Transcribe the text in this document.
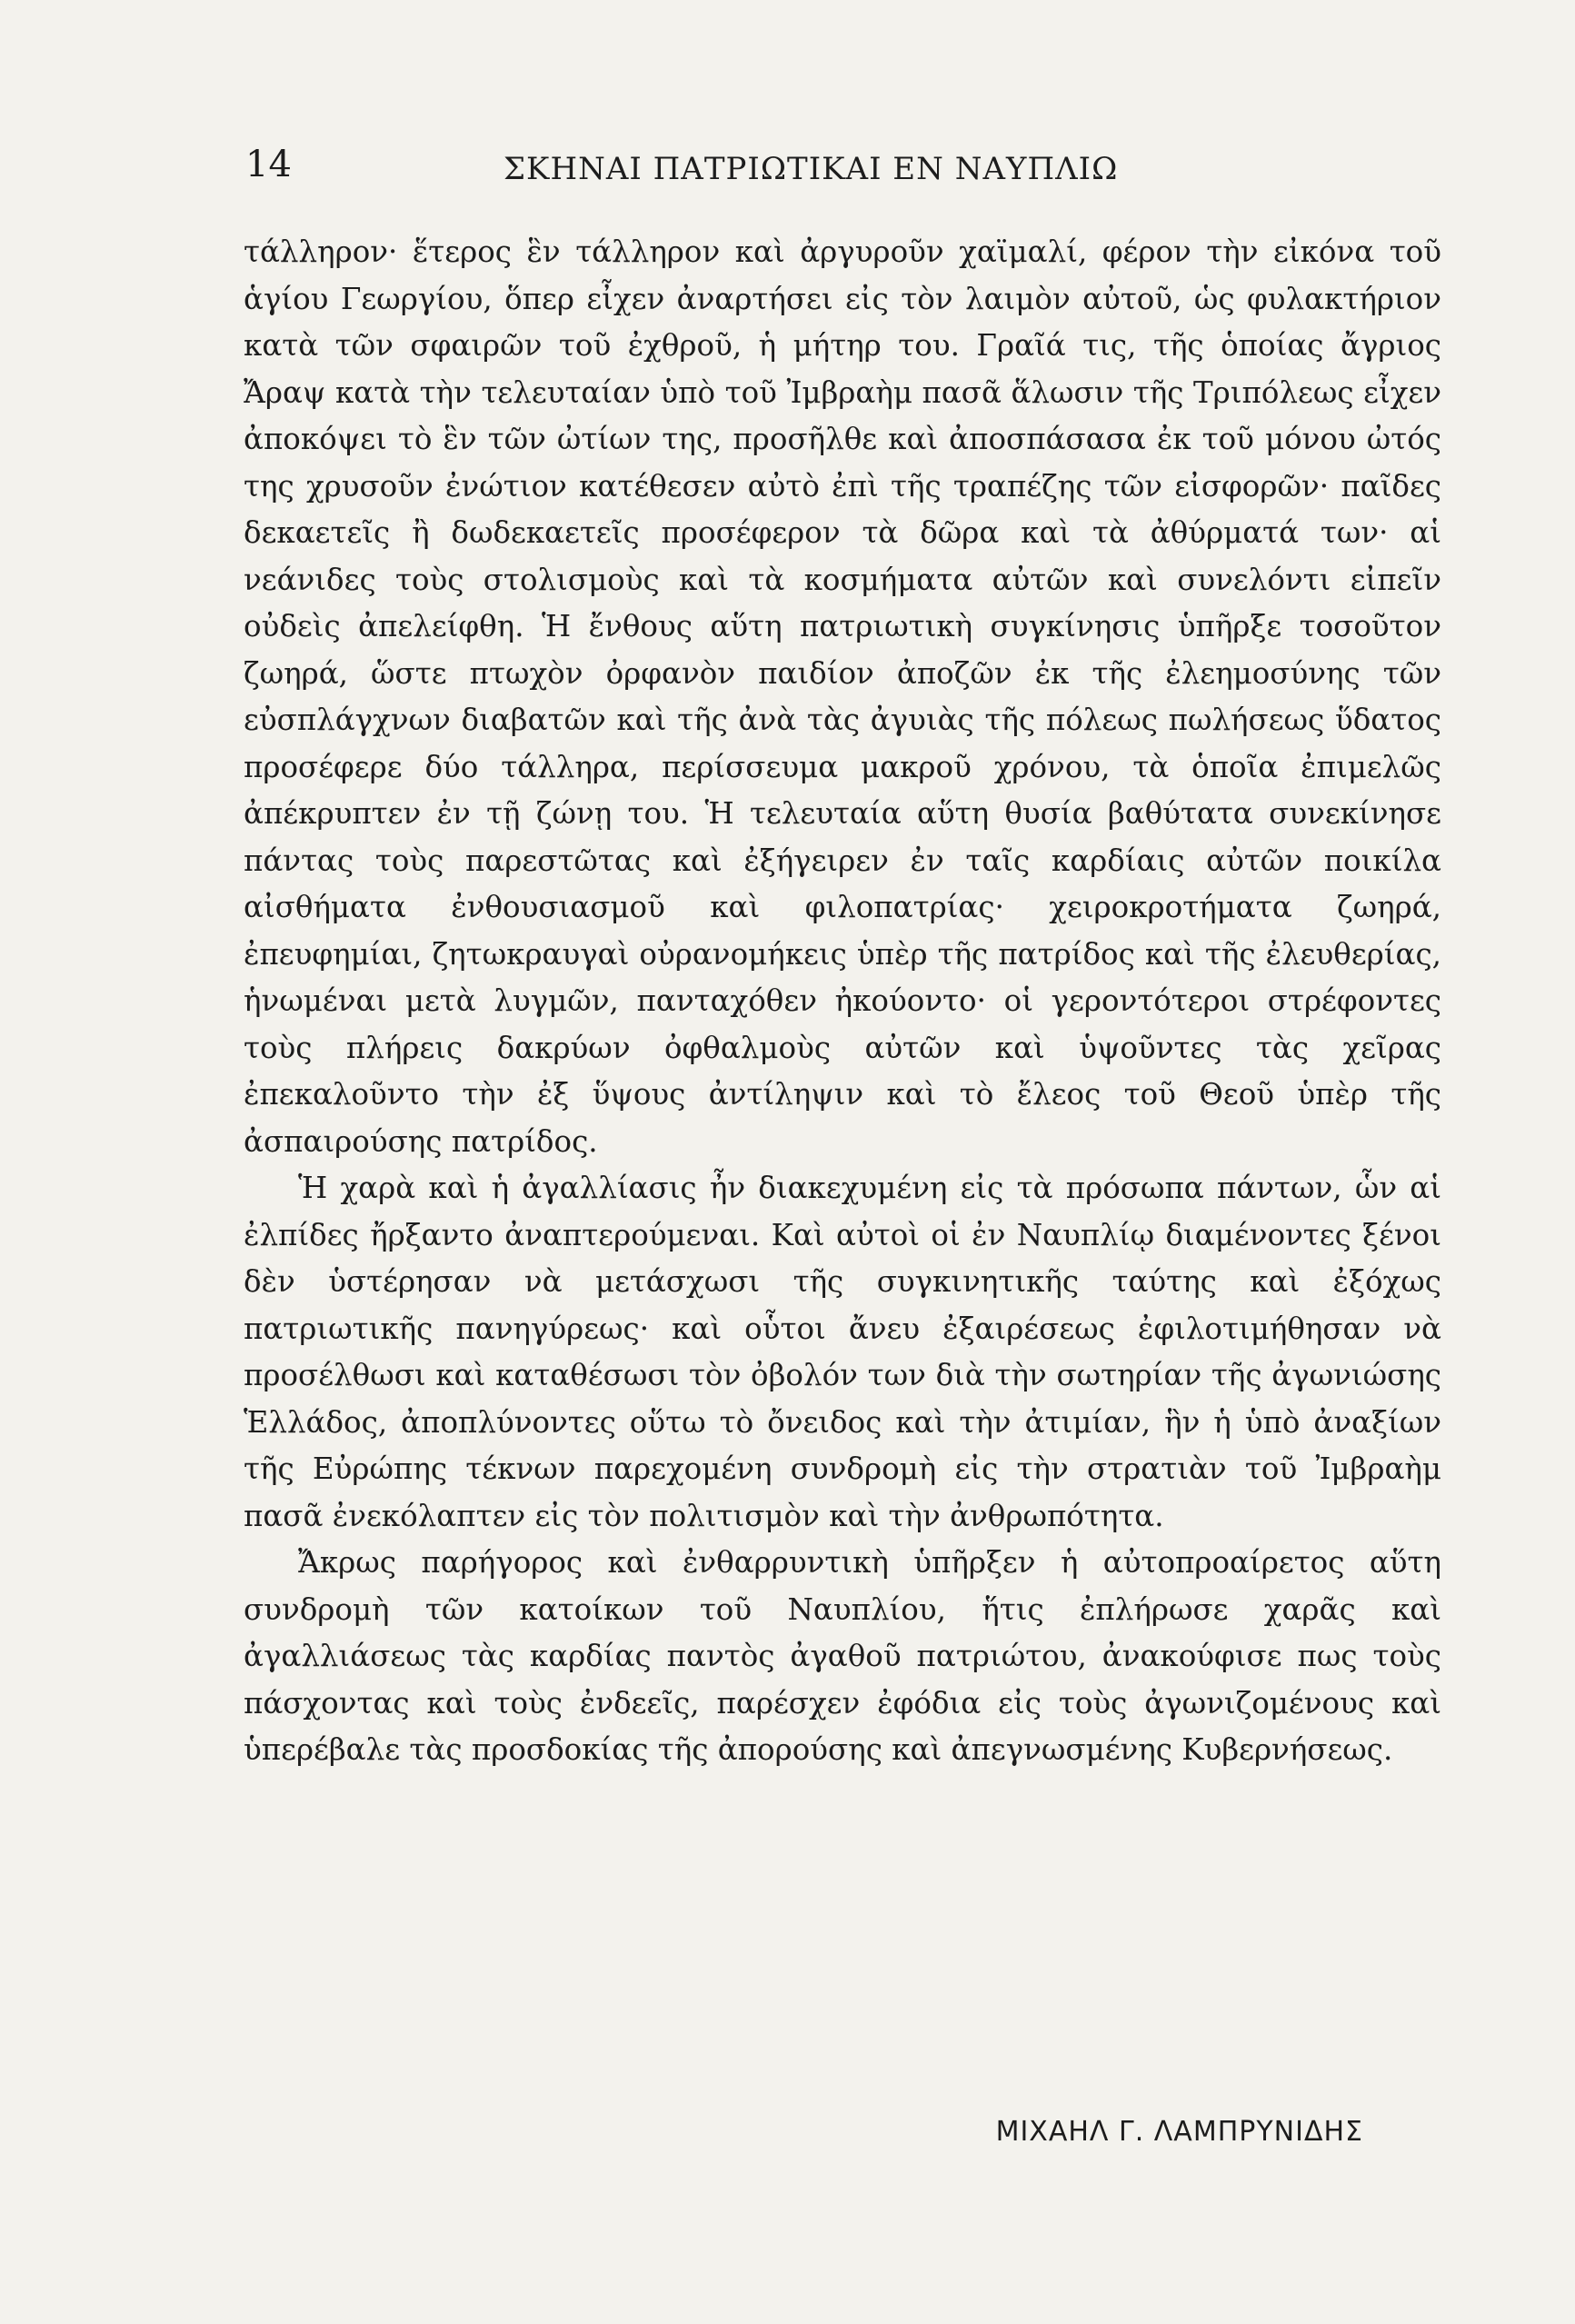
14	ΣΚΗΝΑΙ ΠΑΤΡΙΩΤΙΚΑΙ ΕΝ ΝΑΥΠΛΙΩ

τάλληρον· ἕτερος ἓν τάλληρον καὶ ἀργυροῦν χαϊμαλί, φέρον τὴν εἰκόνα τοῦ ἁγίου Γεωργίου, ὅπερ εἶχεν ἀναρτήσει εἰς τὸν λαιμὸν αὐτοῦ, ὡς φυλακτήριον κατὰ τῶν σφαιρῶν τοῦ ἐχθροῦ, ἡ μήτηρ του. Γραῖά τις, τῆς ὁποίας ἄγριος Ἄραψ κατὰ τὴν τελευταίαν ὑπὸ τοῦ Ἰμβραὴμ πασᾶ ἅλωσιν τῆς Τριπόλεως εἶχεν ἀποκόψει τὸ ἓν τῶν ὠτίων της, προσῆλθε καὶ ἀποσπάσασα ἐκ τοῦ μόνου ὠτός της χρυσοῦν ἐνώτιον κατέθεσεν αὐτὸ ἐπὶ τῆς τραπέζης τῶν εἰσφορῶν· παῖδες δεκαετεῖς ἢ δωδεκαετεῖς προσέφερον τὰ δῶρα καὶ τὰ ἀθύρματά των· αἱ νεάνιδες τοὺς στολισμοὺς καὶ τὰ κοσμήματα αὐτῶν καὶ συνελόντι εἰπεῖν οὐδεὶς ἀπελείφθη. Ἡ ἔνθους αὕτη πατριωτικὴ συγκίνησις ὑπῆρξε τοσοῦτον ζωηρά, ὥστε πτωχὸν ὀρφανὸν παιδίον ἀποζῶν ἐκ τῆς ἐλεημοσύνης τῶν εὐσπλάγχνων διαβατῶν καὶ τῆς ἀνὰ τὰς ἀγυιὰς τῆς πόλεως πωλήσεως ὕδατος προσέφερε δύο τάλληρα, περίσσευμα μακροῦ χρόνου, τὰ ὁποῖα ἐπιμελῶς ἀπέκρυπτεν ἐν τῇ ζώνῃ του. Ἡ τελευταία αὕτη θυσία βαθύτατα συνεκίνησε πάντας τοὺς παρεστῶτας καὶ ἐξήγειρεν ἐν ταῖς καρδίαις αὐτῶν ποικίλα αἰσθήματα ἐνθουσιασμοῦ καὶ φιλοπατρίας· χειροκροτήματα ζωηρά, ἐπευφημίαι, ζητωκραυγαὶ οὐρανομήκεις ὑπὲρ τῆς πατρίδος καὶ τῆς ἐλευθερίας, ἡνωμέναι μετὰ λυγμῶν, πανταχόθεν ἠκούοντο· οἱ γεροντότεροι στρέφοντες τοὺς πλήρεις δακρύων ὀφθαλμοὺς αὐτῶν καὶ ὑψοῦντες τὰς χεῖρας ἐπεκαλοῦντο τὴν ἐξ ὕψους ἀντίληψιν καὶ τὸ ἔλεος τοῦ Θεοῦ ὑπὲρ τῆς ἀσπαιρούσης πατρίδος.

Ἡ χαρὰ καὶ ἡ ἀγαλλίασις ἦν διακεχυμένη εἰς τὰ πρόσωπα πάντων, ὧν αἱ ἐλπίδες ἤρξαντο ἀναπτερούμεναι. Καὶ αὐτοὶ οἱ ἐν Ναυπλίῳ διαμένοντες ξένοι δὲν ὑστέρησαν νὰ μετάσχωσι τῆς συγκινητικῆς ταύτης καὶ ἐξόχως πατριωτικῆς πανηγύρεως· καὶ οὗτοι ἄνευ ἐξαιρέσεως ἐφιλοτιμήθησαν νὰ προσέλθωσι καὶ καταθέσωσι τὸν ὀβολόν των διὰ τὴν σωτηρίαν τῆς ἀγωνιώσης Ἑλλάδος, ἀποπλύνοντες οὕτω τὸ ὄνειδος καὶ τὴν ἀτιμίαν, ἣν ἡ ὑπὸ ἀναξίων τῆς Εὐρώπης τέκνων παρεχομένη συνδρομὴ εἰς τὴν στρατιὰν τοῦ Ἰμβραὴμ πασᾶ ἐνεκόλαπτεν εἰς τὸν πολιτισμὸν καὶ τὴν ἀνθρωπότητα.

Ἄκρως παρήγορος καὶ ἐνθαρρυντικὴ ὑπῆρξεν ἡ αὐτοπροαίρετος αὕτη συνδρομὴ τῶν κατοίκων τοῦ Ναυπλίου, ἥτις ἐπλήρωσε χαρᾶς καὶ ἀγαλλιάσεως τὰς καρδίας παντὸς ἀγαθοῦ πατριώτου, ἀνακούφισε πως τοὺς πάσχοντας καὶ τοὺς ἐνδεεῖς, παρέσχεν ἐφόδια εἰς τοὺς ἀγωνιζομένους καὶ ὑπερέβαλε τὰς προσδοκίας τῆς ἀπορούσης καὶ ἀπεγνωσμένης Κυβερνήσεως.

ΜΙΧΑΗΛ Γ. ΛΑΜΠΡΥΝΙΔΗΣ
